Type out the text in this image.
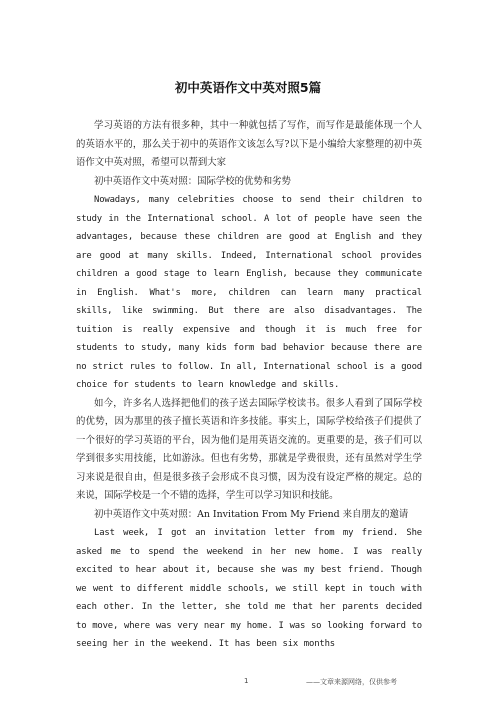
初中英语作文中英对照5篇

学习英语的方法有很多种，其中一种就包括了写作，而写作是最能体现一个人的英语水平的，那么关于初中的英语作文该怎么写?以下是小编给大家整理的初中英语作文中英对照，希望可以帮到大家

初中英语作文中英对照：国际学校的优势和劣势

Nowadays, many celebrities choose to send their children to study in the International school. A lot of people have seen the advantages, because these children are good at English and they are good at many skills. Indeed, International school provides children a good stage to learn English, because they communicate in English. What's more, children can learn many practical skills, like swimming. But there are also disadvantages. The tuition is really expensive and though it is much free for students to study, many kids form bad behavior because there are no strict rules to follow. In all, International school is a good choice for students to learn knowledge and skills.

如今，许多名人选择把他们的孩子送去国际学校读书。很多人看到了国际学校的优势，因为那里的孩子擅长英语和许多技能。事实上，国际学校给孩子们提供了一个很好的学习英语的平台，因为他们是用英语交流的。更重要的是，孩子们可以学到很多实用技能，比如游泳。但也有劣势，那就是学费很贵，还有虽然对学生学习来说是很自由，但是很多孩子会形成不良习惯，因为没有设定严格的规定。总的来说，国际学校是一个不错的选择，学生可以学习知识和技能。

初中英语作文中英对照：An Invitation From My Friend 来自朋友的邀请

Last week, I got an invitation letter from my friend. She asked me to spend the weekend in her new home. I was really excited to hear about it, because she was my best friend. Though we went to different middle schools, we still kept in touch with each other. In the letter, she told me that her parents decided to move, where was very near my home. I was so looking forward to seeing her in the weekend. It has been six months

1	——文章来源网络，仅供参考
